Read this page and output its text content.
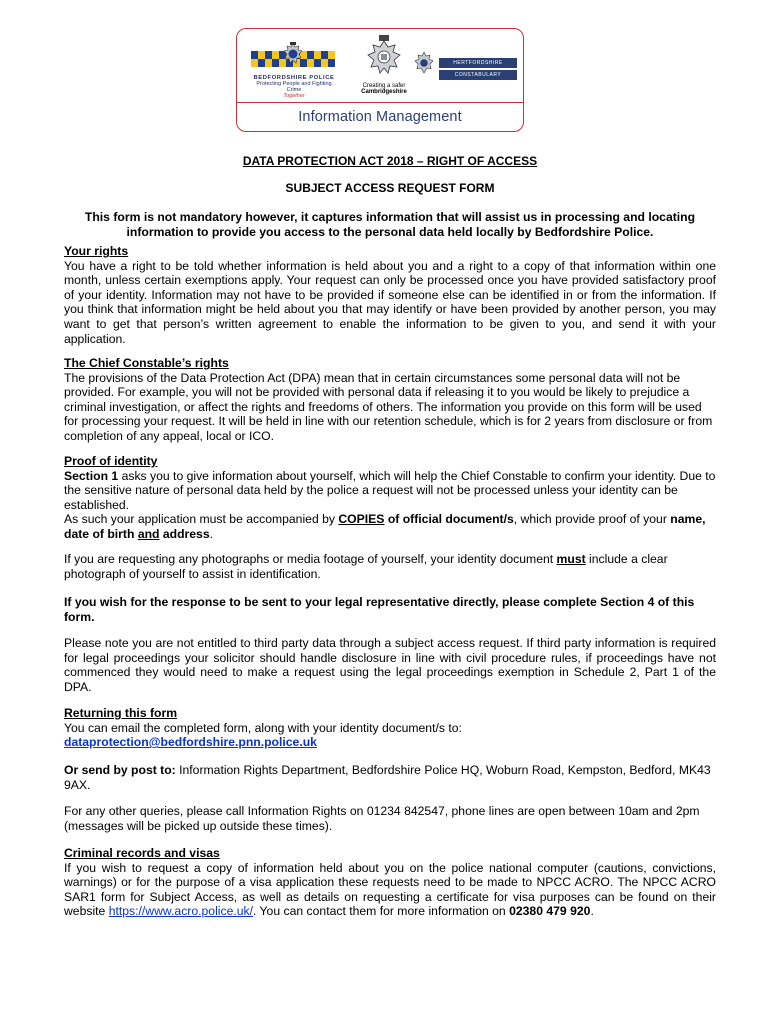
BEDFORDSHIRE POLICE
Protecting People and Fighting Crime
Together
Creating a safer
Cambridgeshire
HERTFORDSHIRE
CONSTABULARY
Information Management
DATA PROTECTION ACT 2018 – RIGHT OF ACCESS
SUBJECT ACCESS REQUEST FORM
This form is not mandatory however, it captures information that will assist us in processing and locating information to provide you access to the personal data held locally by Bedfordshire Police.
Your rights

You have a right to be told whether information is held about you and a right to a copy of that information within one month, unless certain exemptions apply. Your request can only be processed once you have provided satisfactory proof of your identity. Information may not have to be provided if someone else can be identified in or from the information. If you think that information might be held about you that may identify or have been provided by another person, you may want to get that person’s written agreement to enable the information to be given to you, and send it with your application.

The Chief Constable’s rights

The provisions of the Data Protection Act (DPA) mean that in certain circumstances some personal data will not be provided. For example, you will not be provided with personal data if releasing it to you would be likely to prejudice a criminal investigation, or affect the rights and freedoms of others. The information you provide on this form will be used for processing your request. It will be held in line with our retention schedule, which is for 2 years from disclosure or from completion of any appeal, local or ICO.

Proof of identity

Section 1 asks you to give information about yourself, which will help the Chief Constable to confirm your identity. Due to the sensitive nature of personal data held by the police a request will not be processed unless your identity can be established.

As such your application must be accompanied by COPIES of official document/s, which provide proof of your name, date of birth and address.

If you are requesting any photographs or media footage of yourself, your identity document must include a clear photograph of yourself to assist in identification.

If you wish for the response to be sent to your legal representative directly, please complete Section 4 of this form.
Please note you are not entitled to third party data through a subject access request. If third party information is required for legal proceedings your solicitor should handle disclosure in line with civil procedure rules, if proceedings have not commenced they would need to make a request using the legal proceedings exemption in Schedule 2, Part 1 of the DPA.
Returning this form

You can email the completed form, along with your identity document/s to:

dataprotection@bedfordshire.pnn.police.uk

Or send by post to: Information Rights Department, Bedfordshire Police HQ, Woburn Road, Kempston, Bedford, MK43 9AX.

For any other queries, please call Information Rights on 01234 842547, phone lines are open between 10am and 2pm (messages will be picked up outside these times).
Criminal records and visas

If you wish to request a copy of information held about you on the police national computer (cautions, convictions, warnings) or for the purpose of a visa application these requests need to be made to NPCC ACRO. The NPCC ACRO SAR1 form for Subject Access, as well as details on requesting a certificate for visa purposes can be found on their website https://www.acro.police.uk/. You can contact them for more information on 02380 479 920.
